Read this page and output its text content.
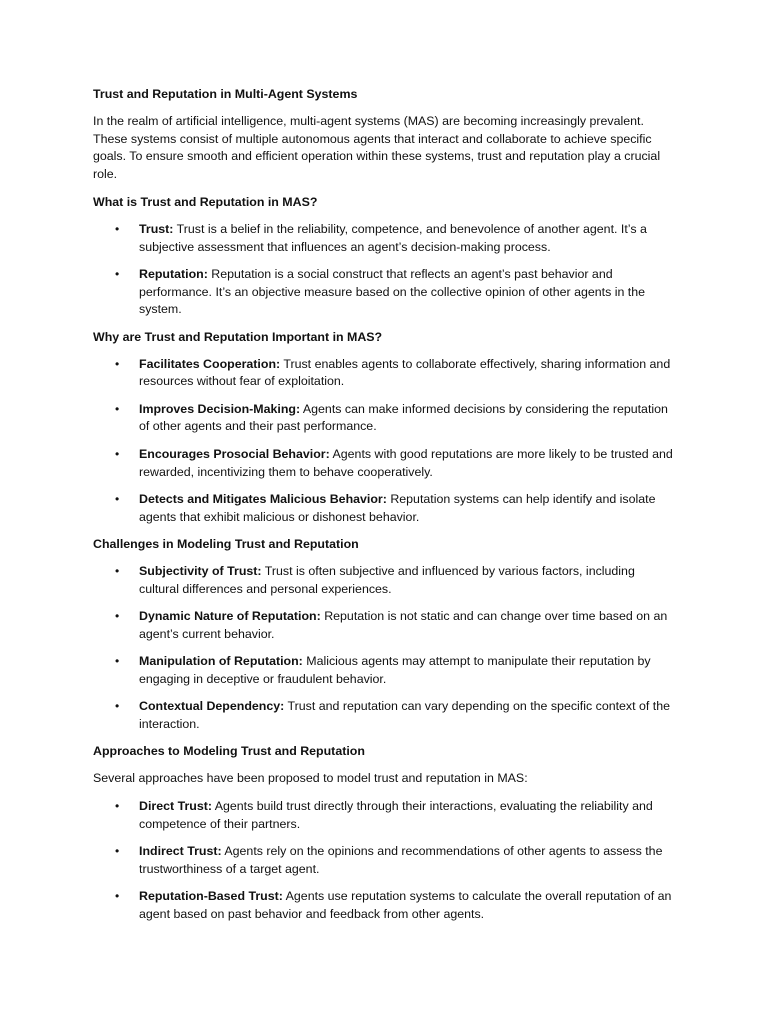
Trust and Reputation in Multi-Agent Systems

In the realm of artificial intelligence, multi-agent systems (MAS) are becoming increasingly prevalent. These systems consist of multiple autonomous agents that interact and collaborate to achieve specific goals. To ensure smooth and efficient operation within these systems, trust and reputation play a crucial role.

What is Trust and Reputation in MAS?
• Trust: Trust is a belief in the reliability, competence, and benevolence of another agent. It’s a subjective assessment that influences an agent’s decision-making process.
• Reputation: Reputation is a social construct that reflects an agent’s past behavior and performance. It’s an objective measure based on the collective opinion of other agents in the system.
Why are Trust and Reputation Important in MAS?
• Facilitates Cooperation: Trust enables agents to collaborate effectively, sharing information and resources without fear of exploitation.
• Improves Decision-Making: Agents can make informed decisions by considering the reputation of other agents and their past performance.
• Encourages Prosocial Behavior: Agents with good reputations are more likely to be trusted and rewarded, incentivizing them to behave cooperatively.
• Detects and Mitigates Malicious Behavior: Reputation systems can help identify and isolate agents that exhibit malicious or dishonest behavior.
Challenges in Modeling Trust and Reputation
• Subjectivity of Trust: Trust is often subjective and influenced by various factors, including cultural differences and personal experiences.
• Dynamic Nature of Reputation: Reputation is not static and can change over time based on an agent’s current behavior.
• Manipulation of Reputation: Malicious agents may attempt to manipulate their reputation by engaging in deceptive or fraudulent behavior.
• Contextual Dependency: Trust and reputation can vary depending on the specific context of the interaction.
Approaches to Modeling Trust and Reputation

Several approaches have been proposed to model trust and reputation in MAS:

• Direct Trust: Agents build trust directly through their interactions, evaluating the reliability and competence of their partners.
• Indirect Trust: Agents rely on the opinions and recommendations of other agents to assess the trustworthiness of a target agent.
• Reputation-Based Trust: Agents use reputation systems to calculate the overall reputation of an agent based on past behavior and feedback from other agents.
